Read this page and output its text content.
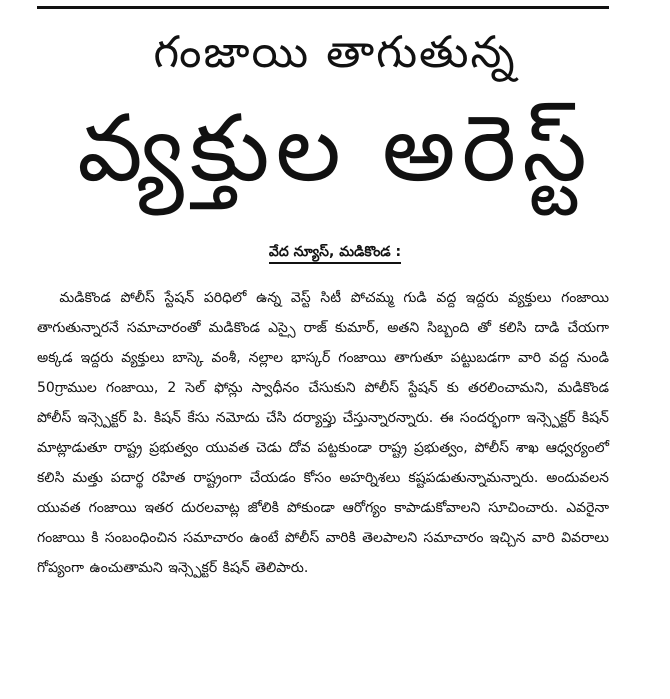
గంజాయి తాగుతున్న
వ్యక్తుల అరెస్ట్
వేద న్యూస్, మడికొండ :
మడికొండ పోలీస్ స్టేషన్ పరిధిలో ఉన్న వెస్ట్ సిటీ పోచమ్మ గుడి వద్ద ఇద్దరు వ్యక్తులు గంజాయి తాగుతున్నారనే సమాచారంతో మడికొండ ఎస్సై రాజ్ కుమార్, అతని సిబ్బంది తో కలిసి దాడి చేయగా అక్కడ ఇద్దరు వ్యక్తులు బాస్కె వంశీ, నల్లాల భాస్కర్ గంజాయి తాగుతూ పట్టుబడగా వారి వద్ద నుండి 50గ్రాముల గంజాయి, 2 సెల్ ఫోన్లు స్వాధీనం చేసుకుని పోలీస్ స్టేషన్ కు తరలించామని, మడికొండ పోలీస్ ఇన్స్పెక్టర్ పి. కిషన్ కేసు నమోదు చేసి దర్యాప్తు చేస్తున్నారన్నారు. ఈ సందర్భంగా ఇన్స్పెక్టర్ కిషన్ మాట్లాడుతూ రాష్ట్ర ప్రభుత్వం యువత చెడు దోవ పట్టకుండా రాష్ట్ర ప్రభుత్వం, పోలీస్ శాఖ ఆధ్వర్యంలో కలిసి మత్తు పదార్థ రహిత రాష్ట్రంగా చేయడం కోసం అహర్నిశలు కష్టపడుతున్నామన్నారు. అందువలన యువత గంజాయి ఇతర దురలవాట్ల జోలికి పోకుండా ఆరోగ్యం కాపాడుకోవాలని సూచించారు. ఎవరైనా గంజాయి కి సంబంధించిన సమాచారం ఉంటే పోలీస్ వారికి తెలపాలని సమాచారం ఇచ్చిన వారి వివరాలు గోప్యంగా ఉంచుతామని ఇన్స్పెక్టర్ కిషన్ తెలిపారు.
